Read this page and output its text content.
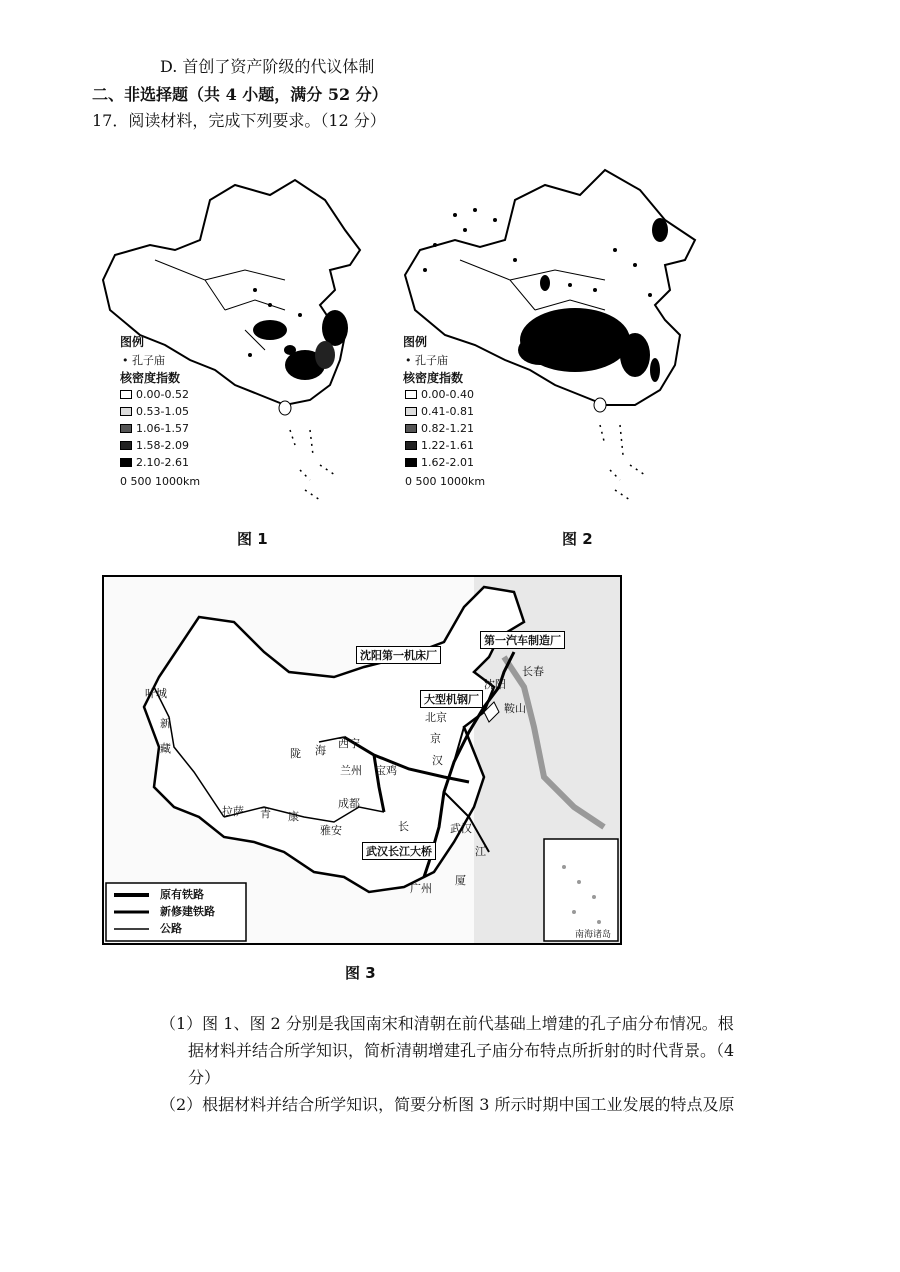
D. 首创了资产阶级的代议体制
二、非选择题（共 4 小题，满分 52 分）
17．阅读材料，完成下列要求。（12 分）
图例
• 孔子庙
核密度指数
0.00-0.52
0.53-1.05
1.06-1.57
1.58-2.09
2.10-2.61
0 500 1000km
图 1
图例
• 孔子庙
核密度指数
0.00-0.40
0.41-0.81
0.82-1.21
1.22-1.61
1.62-2.01
0 500 1000km
图 2
沈阳第一机床厂
第一汽车制造厂
大型机钢厂
武汉长江大桥
长春
沈阳
北京
鞍山
西宁
兰州 宝鸡
成都
雅安
拉萨
武汉
广州
叶城
江
长
陇 海
青 康
藏
新
京
汉
厦
原有铁路
新修建铁路
公路	南海诸岛
图 3
（1）图 1、图 2 分别是我国南宋和清朝在前代基础上增建的孔子庙分布情况。根
据材料并结合所学知识，简析清朝增建孔子庙分布特点所折射的时代背景。（4
分）
（2）根据材料并结合所学知识，简要分析图 3 所示时期中国工业发展的特点及原
